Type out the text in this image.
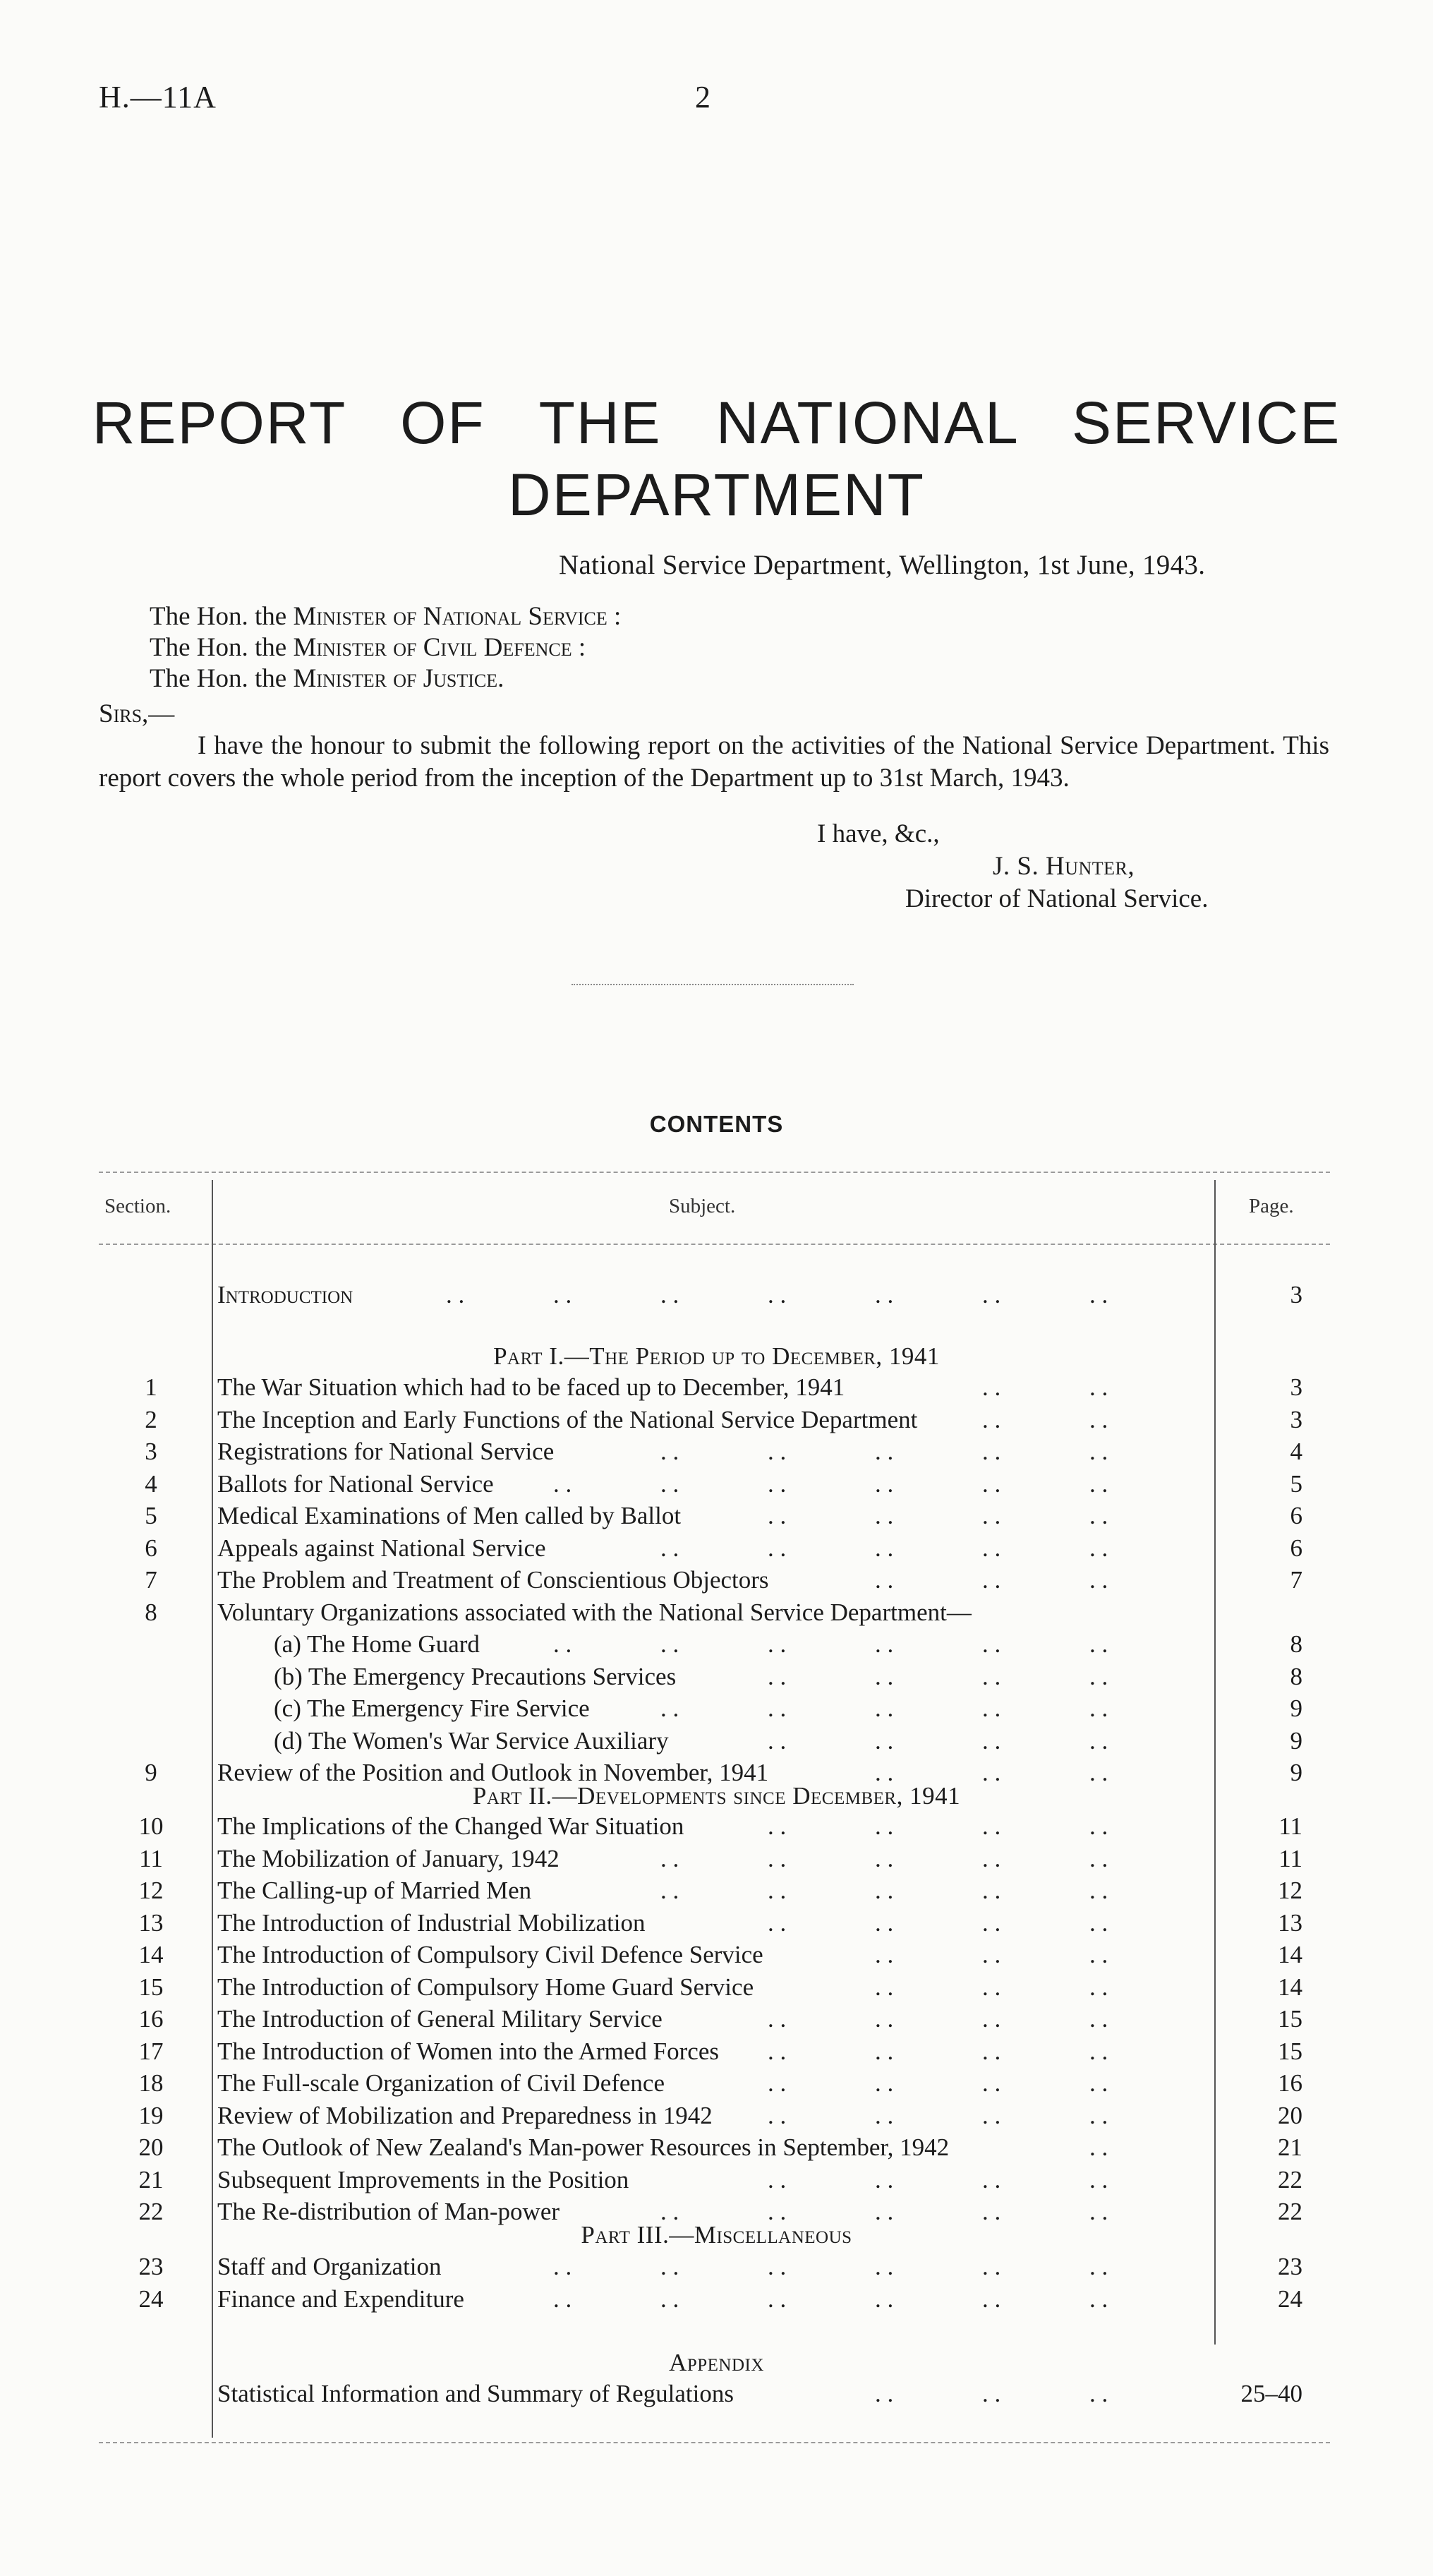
H.—11A	2
REPORT OF THE NATIONAL SERVICE
DEPARTMENT
National Service Department, Wellington, 1st June, 1943.
The Hon. the Minister of National Service :
The Hon. the Minister of Civil Defence :
The Hon. the Minister of Justice.
Sirs,—
I have the honour to submit the following report on the activities of the National Service Department. This report covers the whole period from the inception of the Department up to 31st March, 1943.
I have, &c.,
J. S. Hunter,
Director of National Service.
CONTENTS
Section.	Subject.	Page.
Introduction	3
. .	. .	. .	. .	. .	. .	. .
Part I.—The Period up to December, 1941
1	The War Situation which had to be faced up to December, 1941	3
. .	. .
2	The Inception and Early Functions of the National Service Department	3
. .	. .
3	Registrations for National Service	4
. .	. .	. .	. .	. .
4	Ballots for National Service	5
. .	. .	. .	. .	. .	. .
5	Medical Examinations of Men called by Ballot	6
. .	. .	. .	. .
6	Appeals against National Service	6
. .	. .	. .	. .	. .
7	The Problem and Treatment of Conscientious Objectors	7
. .	. .	. .
8	Voluntary Organizations associated with the National Service Department—
(a) The Home Guard	8
. .	. .	. .	. .	. .	. .
(b) The Emergency Precautions Services	8
. .	. .	. .	. .
(c) The Emergency Fire Service	9
. .	. .	. .	. .	. .
(d) The Women's War Service Auxiliary	9
. .	. .	. .	. .
9	Review of the Position and Outlook in November, 1941	9
. .	. .	. .
Part II.—Developments since December, 1941
10	The Implications of the Changed War Situation	11
. .	. .	. .	. .
11	The Mobilization of January, 1942	11
. .	. .	. .	. .	. .
12	The Calling-up of Married Men	12
. .	. .	. .	. .	. .
13	The Introduction of Industrial Mobilization	13
. .	. .	. .	. .
14	The Introduction of Compulsory Civil Defence Service	14
. .	. .	. .
15	The Introduction of Compulsory Home Guard Service	14
. .	. .	. .
16	The Introduction of General Military Service	15
. .	. .	. .	. .
17	The Introduction of Women into the Armed Forces	15
. .	. .	. .	. .
18	The Full-scale Organization of Civil Defence	16
. .	. .	. .	. .
19	Review of Mobilization and Preparedness in 1942	20
. .	. .	. .	. .
20	The Outlook of New Zealand's Man-power Resources in September, 1942	21
. .
21	Subsequent Improvements in the Position	22
. .	. .	. .	. .
22	The Re-distribution of Man-power	22
. .	. .	. .	. .	. .
Part III.—Miscellaneous
23	Staff and Organization	23
. .	. .	. .	. .	. .	. .
24	Finance and Expenditure	24
. .	. .	. .	. .	. .	. .
Appendix
Statistical Information and Summary of Regulations	25–40
. .	. .	. .
